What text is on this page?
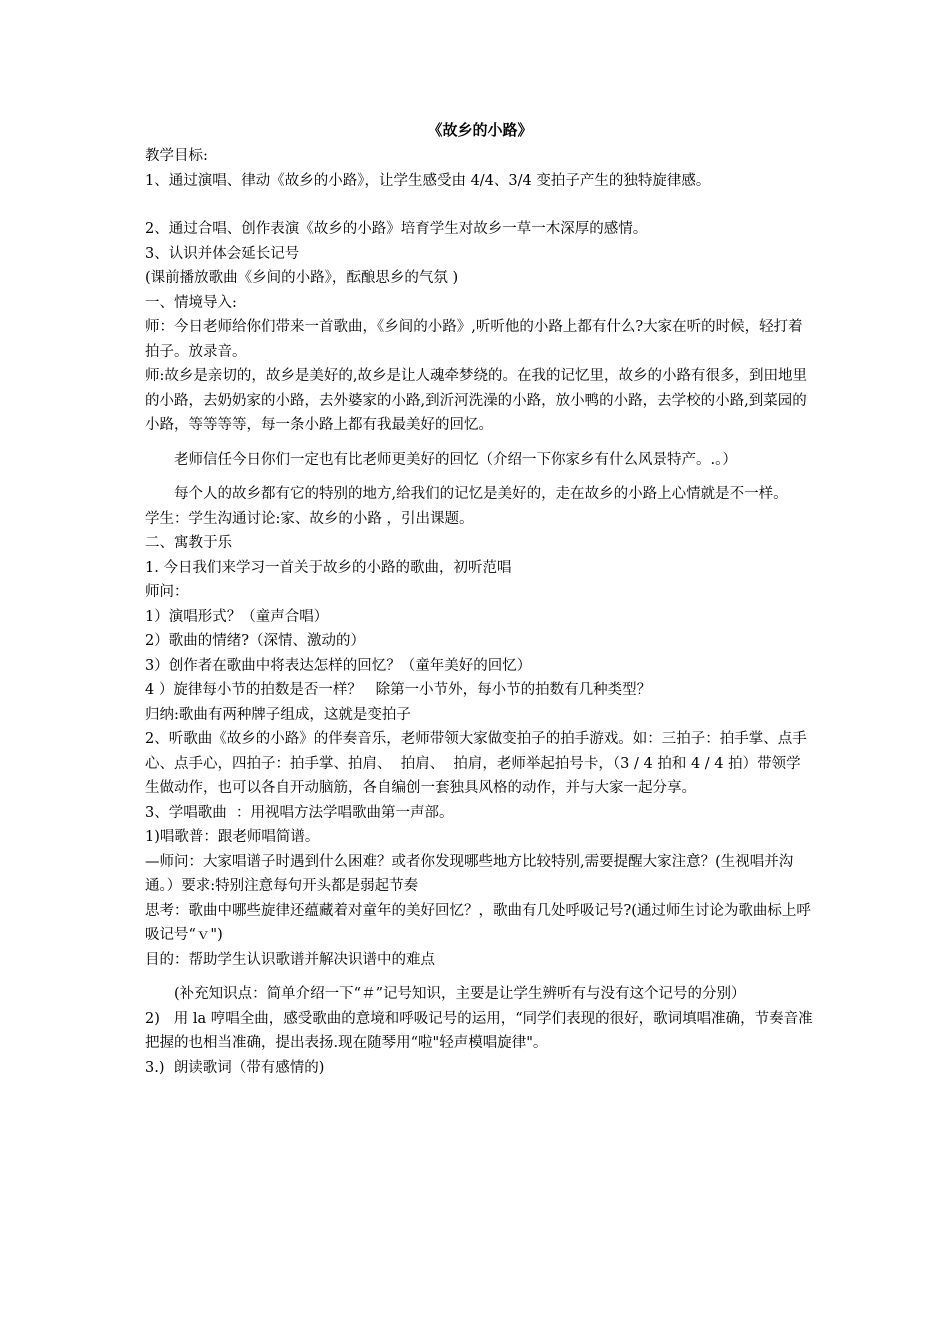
《故乡的小路》
教学目标:
1、通过演唱、律动《故乡的小路》，让学生感受由 4/4、3/4 变拍子产生的独特旋律感。
2、通过合唱、创作表演《故乡的小路》培育学生对故乡一草一木深厚的感情。
3、认识并体会延长记号
(课前播放歌曲《乡间的小路》，酝酿思乡的气氛 )
一、情境导入:
师：今日老师给你们带来一首歌曲，《乡间的小路》,听听他的小路上都有什么?大家在听的时候，轻打着拍子。放录音。
师:故乡是亲切的，故乡是美好的,故乡是让人魂牵梦绕的。在我的记忆里，故乡的小路有很多，到田地里的小路，去奶奶家的小路，去外婆家的小路,到沂河洗澡的小路，放小鸭的小路，去学校的小路,到菜园的小路，等等等等，每一条小路上都有我最美好的回忆。
老师信任今日你们一定也有比老师更美好的回忆（介绍一下你家乡有什么风景特产。.。）
每个人的故乡都有它的特别的地方,给我们的记忆是美好的，走在故乡的小路上心情就是不一样。
学生：学生沟通讨论:家、故乡的小路 ，引出课题。
二、寓教于乐
1. 今日我们来学习一首关于故乡的小路的歌曲，初听范唱
师问：
1）演唱形式？（童声合唱）
2）歌曲的情绪?（深情、激动的）
3）创作者在歌曲中将表达怎样的回忆？（童年美好的回忆）
4 ）旋律每小节的拍数是否一样？   除第一小节外，每小节的拍数有几种类型？
归纳:歌曲有两种牌子组成，这就是变拍子
2、听歌曲《故乡的小路》的伴奏音乐，老师带领大家做变拍子的拍手游戏。如：三拍子：拍手掌、点手心、点手心，四拍子：拍手掌、拍肩、  拍肩、  拍肩，老师举起拍号卡，（3 / 4 拍和 4 / 4 拍）带领学生做动作，也可以各自开动脑筋，各自编创一套独具风格的动作，并与大家一起分享。
3、学唱歌曲  ：用视唱方法学唱歌曲第一声部。
1)唱歌普：跟老师唱简谱。
—师问：大家唱谱子时遇到什么困难？或者你发现哪些地方比较特别,需要提醒大家注意？(生视唱并沟通。）要求:特别注意每句开头都是弱起节奏
思考：歌曲中哪些旋律还蕴藏着对童年的美好回忆？，歌曲有几处呼吸记号?(通过师生讨论为歌曲标上呼吸记号“ｖ")
目的：帮助学生认识歌谱并解决识谱中的难点
(补充知识点：简单介绍一下“＃”记号知识，主要是让学生辨听有与没有这个记号的分别）
2)   用 la 哼唱全曲，感受歌曲的意境和呼吸记号的运用，“同学们表现的很好，歌词填唱准确，节奏音准把握的也相当准确，提出表扬.现在随琴用“啦"轻声模唱旋律"。
3.)  朗读歌词（带有感情的)
